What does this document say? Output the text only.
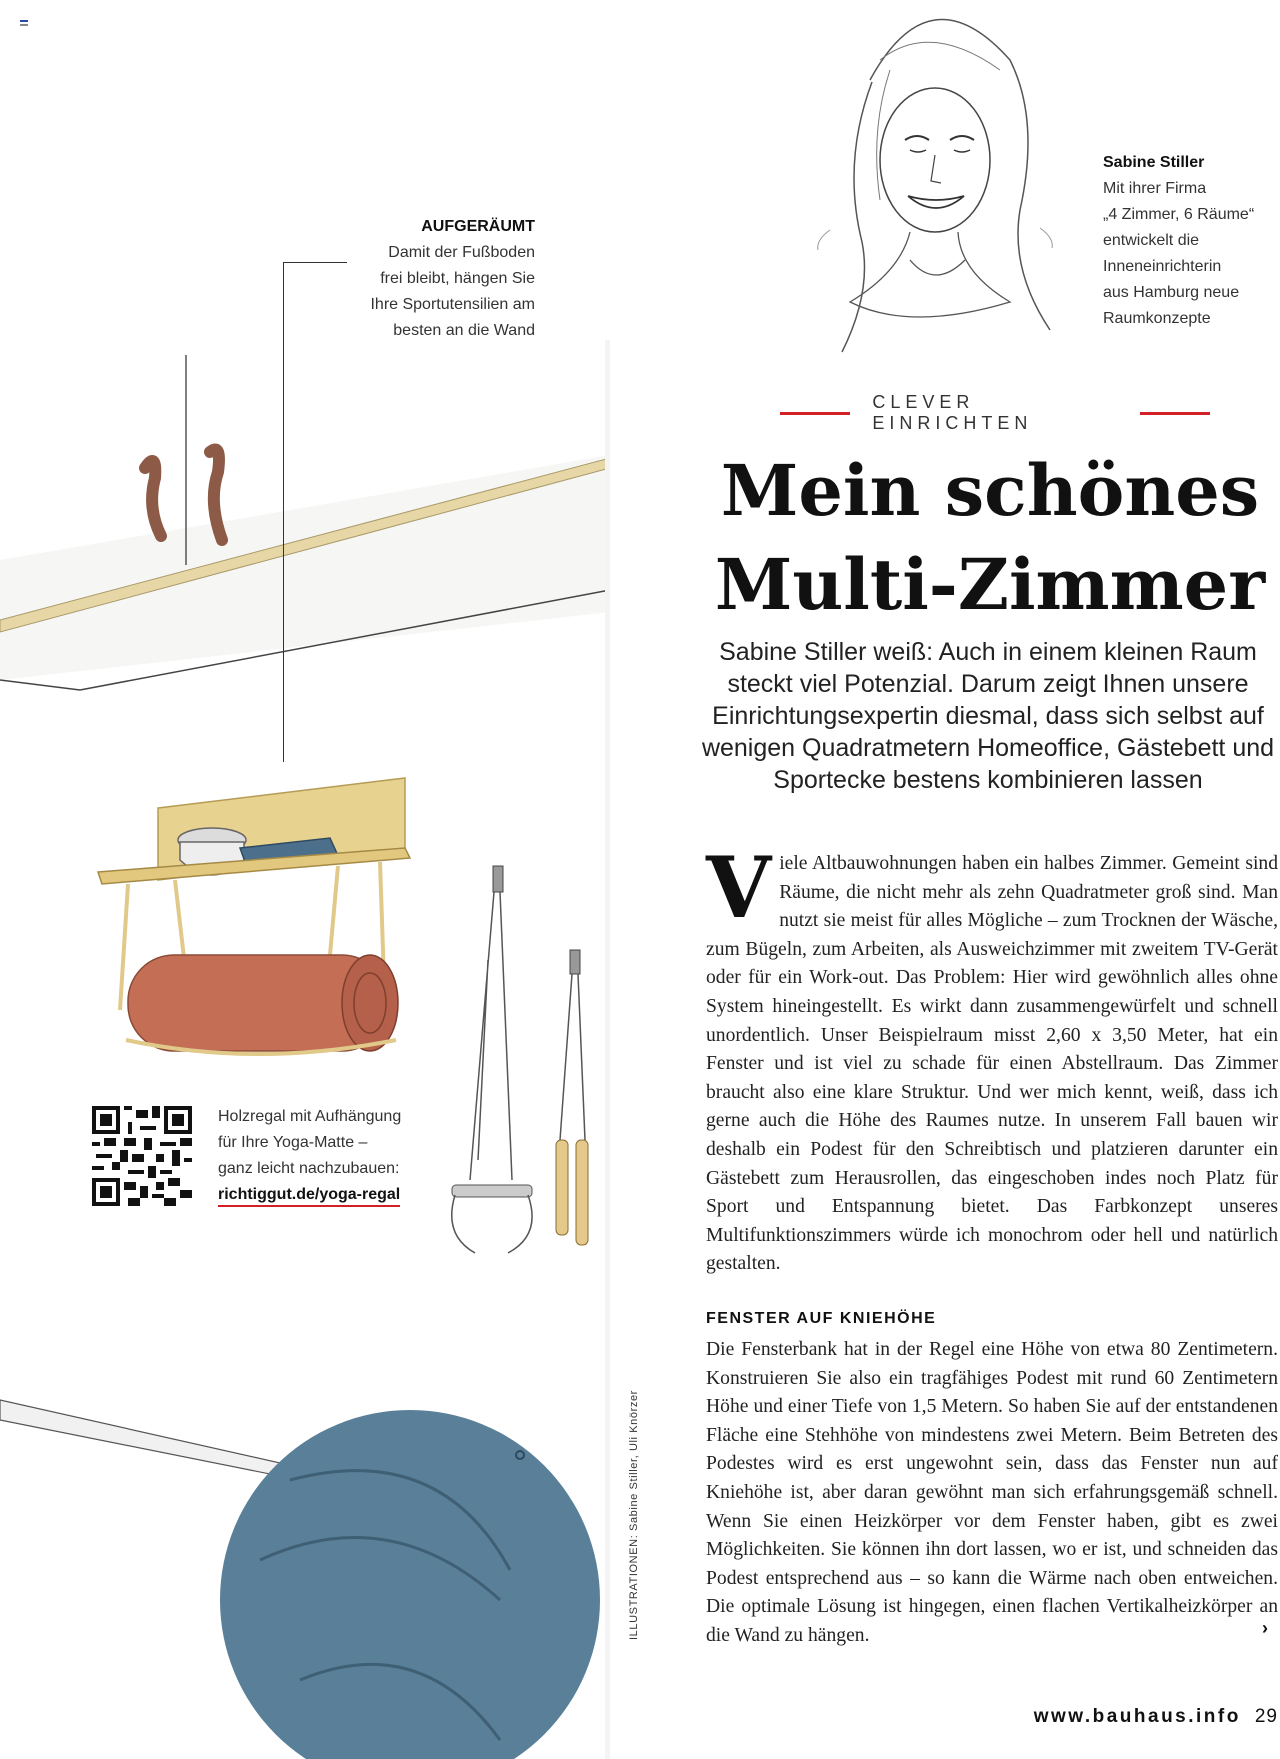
AUFGERÄUMT
Damit der Fußboden
frei bleibt, hängen Sie
Ihre Sportutensilien am
besten an die Wand
Sabine Stiller
Mit ihrer Firma
„4 Zimmer, 6 Räume“
entwickelt die
Inneneinrichterin
aus Hamburg neue
Raumkonzepte
CLEVER EINRICHTEN
Mein schönes
Multi-Zimmer
Sabine Stiller weiß: Auch in einem kleinen Raum steckt viel Potenzial. Darum zeigt Ihnen unsere Einrichtungsexpertin diesmal, dass sich selbst auf wenigen Quadratmetern Homeoffice, Gästebett und Sportecke bestens kombinieren lassen
Viele Altbauwohnungen haben ein halbes Zimmer. Gemeint sind Räume, die nicht mehr als zehn Quadratmeter groß sind. Man nutzt sie meist für alles Mögliche – zum Trocknen der Wäsche, zum Bügeln, zum Arbeiten, als Ausweichzimmer mit zweitem TV-Gerät oder für ein Work-out. Das Problem: Hier wird gewöhnlich alles ohne System hineingestellt. Es wirkt dann zusammengewürfelt und schnell unordentlich. Unser Beispielraum misst 2,60 x 3,50 Meter, hat ein Fenster und ist viel zu schade für einen Abstellraum. Das Zimmer braucht also eine klare Struktur. Und wer mich kennt, weiß, dass ich gerne auch die Höhe des Raumes nutze. In unserem Fall bauen wir deshalb ein Podest für den Schreibtisch und platzieren darunter ein Gästebett zum Herausrollen, das eingeschoben indes noch Platz für Sport und Entspannung bietet. Das Farbkonzept unseres Multifunktionszimmers würde ich monochrom oder hell und natürlich gestalten.
FENSTER AUF KNIEHÖHE
Die Fensterbank hat in der Regel eine Höhe von etwa 80 Zentimetern. Konstruieren Sie also ein tragfähiges Podest mit rund 60 Zentimetern Höhe und einer Tiefe von 1,5 Metern. So haben Sie auf der entstandenen Fläche eine Stehhöhe von mindestens zwei Metern. Beim Betreten des Podestes wird es erst ungewohnt sein, dass das Fenster nun auf Kniehöhe ist, aber daran gewöhnt man sich erfahrungsgemäß schnell. Wenn Sie einen Heizkörper vor dem Fenster haben, gibt es zwei Möglichkeiten. Sie können ihn dort lassen, wo er ist, und schneiden das Podest entsprechend aus – so kann die Wärme nach oben entweichen. Die optimale Lösung ist hingegen, einen flachen Vertikalheizkörper an die Wand zu hängen.	›
Holzregal mit Aufhängung
für Ihre Yoga-Matte –
ganz leicht nachzubauen:
richtiggut.de/yoga-regal
ILLUSTRATIONEN: Sabine Stiller, Uli Knörzer
www.bauhaus.info 29
